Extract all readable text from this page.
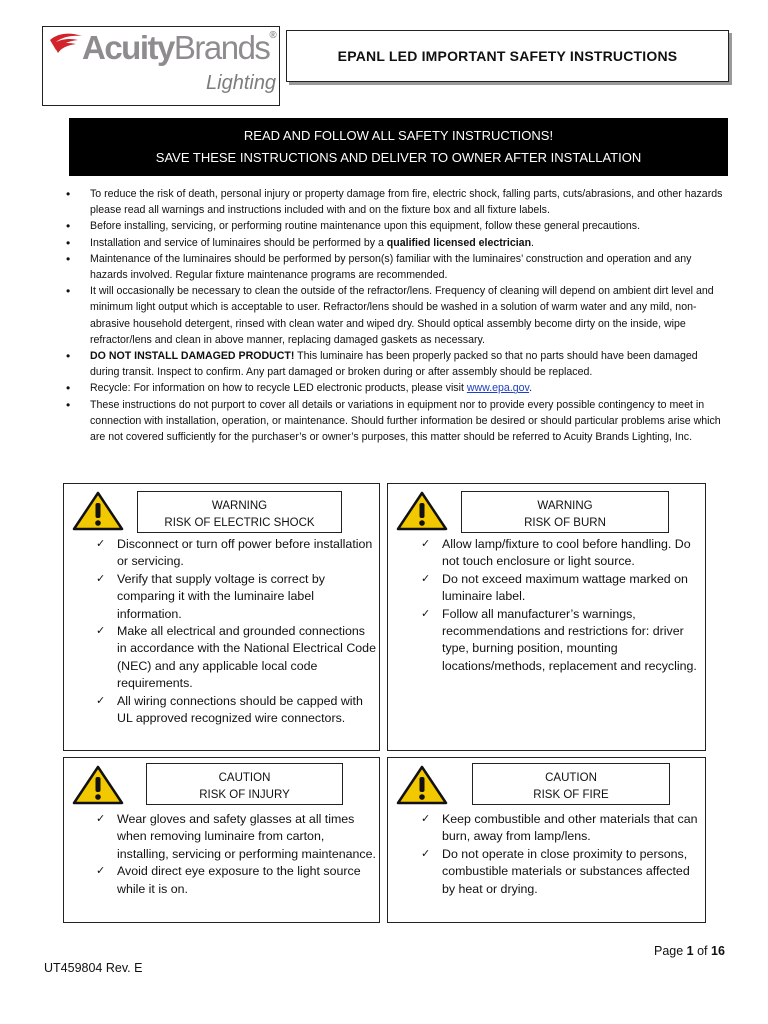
AcuityBrands®
Lighting
EPANL LED IMPORTANT SAFETY INSTRUCTIONS
READ AND FOLLOW ALL SAFETY INSTRUCTIONS!
SAVE THESE INSTRUCTIONS AND DELIVER TO OWNER AFTER INSTALLATION
• To reduce the risk of death, personal injury or property damage from fire, electric shock, falling parts, cuts/abrasions, and other hazards please read all warnings and instructions included with and on the fixture box and all fixture labels.
• Before installing, servicing, or performing routine maintenance upon this equipment, follow these general precautions.
• Installation and service of luminaires should be performed by a qualified licensed electrician.
• Maintenance of the luminaires should be performed by person(s) familiar with the luminaires’ construction and operation and any hazards involved. Regular fixture maintenance programs are recommended.
• It will occasionally be necessary to clean the outside of the refractor/lens. Frequency of cleaning will depend on ambient dirt level and minimum light output which is acceptable to user. Refractor/lens should be washed in a solution of warm water and any mild, non-abrasive household detergent, rinsed with clean water and wiped dry. Should optical assembly become dirty on the inside, wipe refractor/lens and clean in above manner, replacing damaged gaskets as necessary.
• DO NOT INSTALL DAMAGED PRODUCT! This luminaire has been properly packed so that no parts should have been damaged during transit. Inspect to confirm. Any part damaged or broken during or after assembly should be replaced.
• Recycle: For information on how to recycle LED electronic products, please visit www.epa.gov.
• These instructions do not purport to cover all details or variations in equipment nor to provide every possible contingency to meet in connection with installation, operation, or maintenance. Should further information be desired or should particular problems arise which are not covered sufficiently for the purchaser’s or owner’s purposes, this matter should be referred to Acuity Brands Lighting, Inc.
WARNING
RISK OF ELECTRIC SHOCK
✓ Disconnect or turn off power before installation or servicing.
✓ Verify that supply voltage is correct by comparing it with the luminaire label information.
✓ Make all electrical and grounded connections in accordance with the National Electrical Code (NEC) and any applicable local code requirements.
✓ All wiring connections should be capped with UL approved recognized wire connectors.
WARNING
RISK OF BURN
✓ Allow lamp/fixture to cool before handling. Do not touch enclosure or light source.
✓ Do not exceed maximum wattage marked on luminaire label.
✓ Follow all manufacturer’s warnings, recommendations and restrictions for: driver type, burning position, mounting locations/methods, replacement and recycling.
CAUTION
RISK OF INJURY
✓ Wear gloves and safety glasses at all times when removing luminaire from carton, installing, servicing or performing maintenance.
✓ Avoid direct eye exposure to the light source while it is on.
CAUTION
RISK OF FIRE
✓ Keep combustible and other materials that can burn, away from lamp/lens.
✓ Do not operate in close proximity to persons, combustible materials or substances affected by heat or drying.
Page 1 of 16
UT459804 Rev. E
